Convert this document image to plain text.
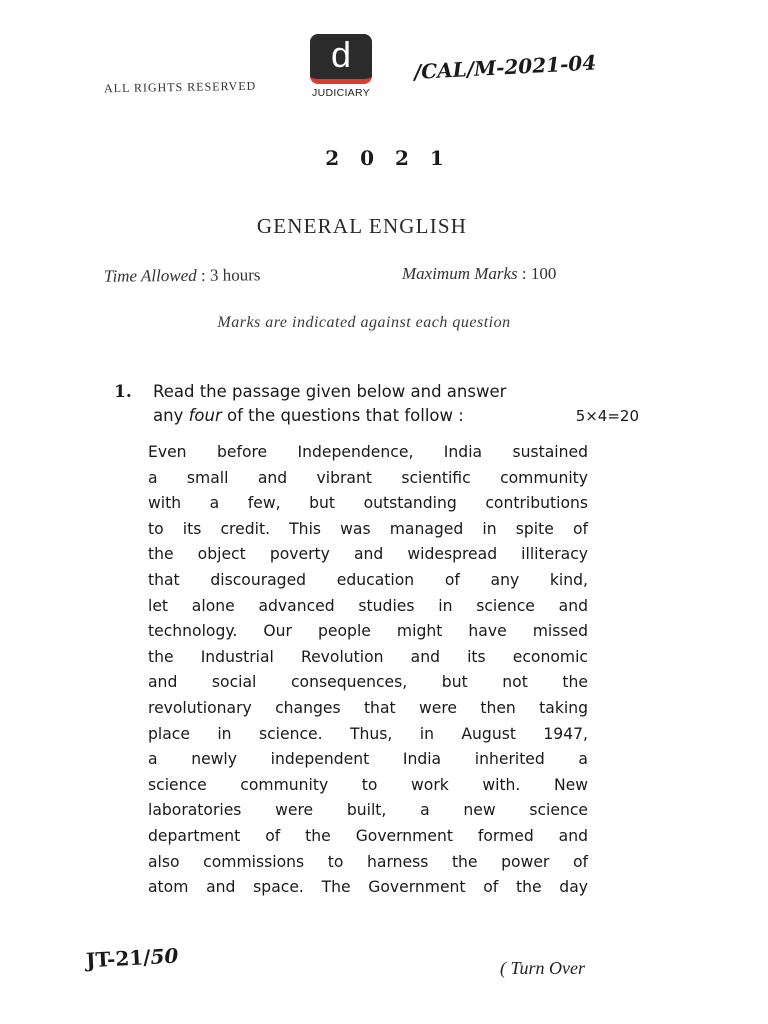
ALL RIGHTS RESERVED
d
JUDICIARY
/CAL/M-2021-04
2 0 2 1
GENERAL ENGLISH
Time Allowed : 3 hours	Maximum Marks : 100
Marks are indicated against each question
1. Read the passage given below and answer
any four of the questions that follow :	5×4=20
Even before Independence, India sustained
a small and vibrant scientific community
with a few, but outstanding contributions
to its credit. This was managed in spite of
the object poverty and widespread illiteracy
that discouraged education of any kind,
let alone advanced studies in science and
technology. Our people might have missed
the Industrial Revolution and its economic
and social consequences, but not the
revolutionary changes that were then taking
place in science. Thus, in August 1947,
a newly independent India inherited a
science community to work with. New
laboratories were built, a new science
department of the Government formed and
also commissions to harness the power of
atom and space. The Government of the day
JT-21/50	( Turn Over
